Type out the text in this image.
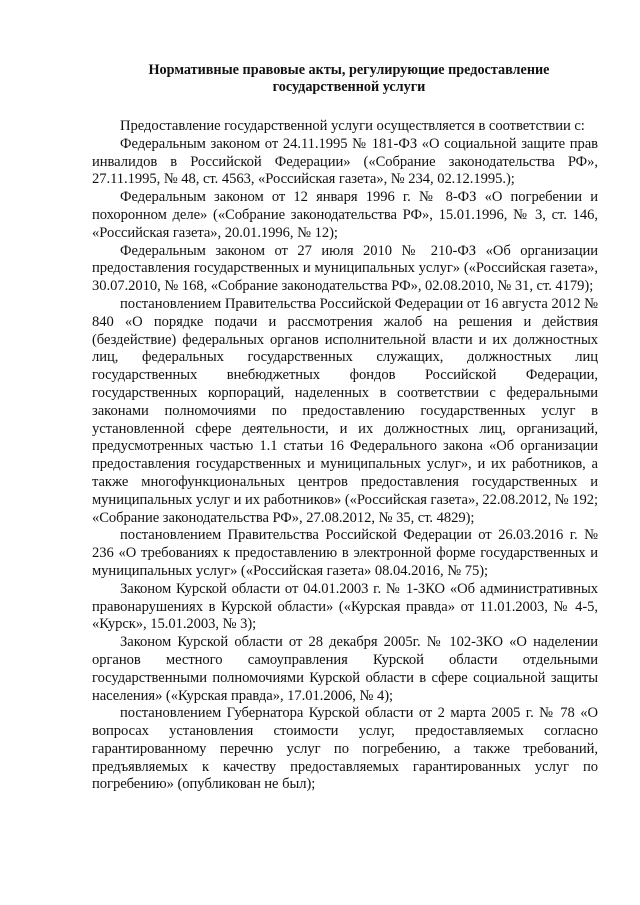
Нормативные правовые акты, регулирующие предоставление
государственной услуги

Предоставление государственной услуги осуществляется в соответствии с:

Федеральным законом от 24.11.1995 № 181-ФЗ «О социальной защите прав инвалидов в Российской Федерации» («Собрание законодательства РФ», 27.11.1995, № 48, ст. 4563, «Российская газета», № 234, 02.12.1995.);

Федеральным законом от 12 января 1996 г. № 8-ФЗ «О погребении и похоронном деле» («Собрание законодательства РФ», 15.01.1996, № 3, ст. 146, «Российская газета», 20.01.1996, № 12);

Федеральным законом от 27 июля 2010 № 210-ФЗ «Об организации предоставления государственных и муниципальных услуг» («Российская газета», 30.07.2010, № 168, «Собрание законодательства РФ», 02.08.2010, № 31, ст. 4179);

постановлением Правительства Российской Федерации от 16 августа 2012 № 840 «О порядке подачи и рассмотрения жалоб на решения и действия (бездействие) федеральных органов исполнительной власти и их должностных лиц, федеральных государственных служащих, должностных лиц государственных внебюджетных фондов Российской Федерации, государственных корпораций, наделенных в соответствии с федеральными законами полномочиями по предоставлению государственных услуг в установленной сфере деятельности, и их должностных лиц, организаций, предусмотренных частью 1.1 статьи 16 Федерального закона «Об организации предоставления государственных и муниципальных услуг», и их работников, а также многофункциональных центров предоставления государственных и муниципальных услуг и их работников» («Российская газета», 22.08.2012, № 192; «Собрание законодательства РФ», 27.08.2012, № 35, ст. 4829);

постановлением Правительства Российской Федерации от 26.03.2016 г. № 236 «О требованиях к предоставлению в электронной форме государственных и муниципальных услуг» («Российская газета» 08.04.2016, № 75);

Законом Курской области от 04.01.2003 г. № 1-ЗКО «Об административных правонарушениях в Курской области» («Курская правда» от 11.01.2003, № 4-5, «Курск», 15.01.2003, № 3);

Законом Курской области от 28 декабря 2005г. № 102-ЗКО «О наделении органов местного самоуправления Курской области отдельными государственными полномочиями Курской области в сфере социальной защиты населения» («Курская правда», 17.01.2006, № 4);

постановлением Губернатора Курской области от 2 марта 2005 г. № 78 «О вопросах установления стоимости услуг, предоставляемых согласно гарантированному перечню услуг по погребению, а также требований, предъявляемых к качеству предоставляемых гарантированных услуг по погребению» (опубликован не был);
